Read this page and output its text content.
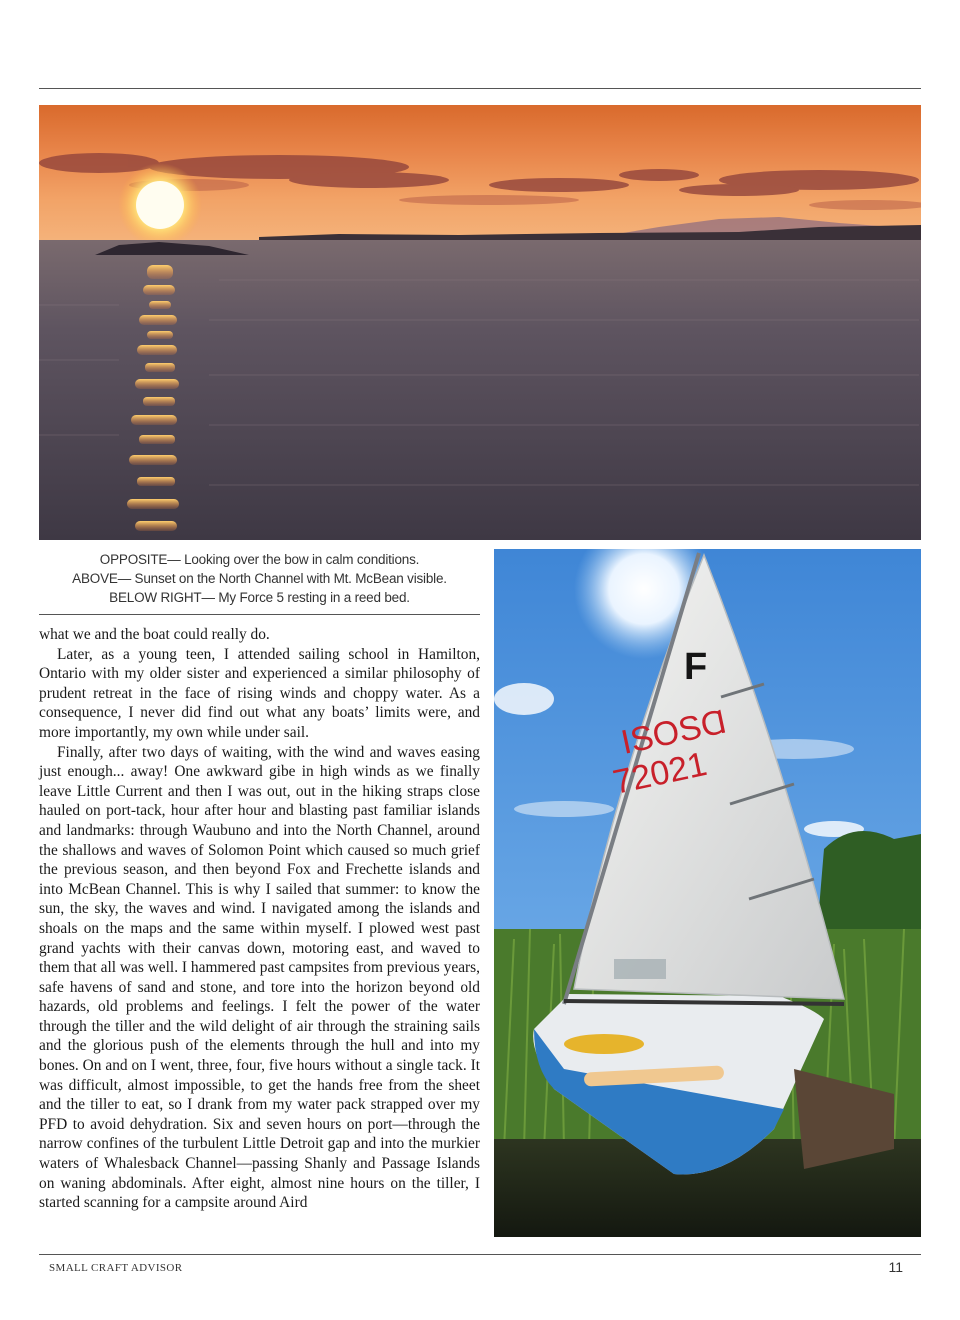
OPPOSITE— Looking over the bow in calm conditions.
ABOVE— Sunset on the North Channel with Mt. McBean visible.
BELOW RIGHT— My Force 5 resting in a reed bed.

what we and the boat could really do.

Later, as a young teen, I attended sailing school in Hamilton, Ontario with my older sister and experienced a similar philosophy of prudent retreat in the face of rising winds and choppy water. As a consequence, I never did find out what any boats’ limits were, and more importantly, my own while under sail.

Finally, after two days of waiting, with the wind and waves easing just enough... away! One awkward gibe in high winds as we finally leave Little Current and then I was out, out in the hiking straps close hauled on port-tack, hour after hour and blasting past familiar islands and landmarks: through Waubuno and into the North Channel, around the shallows and waves of Solomon Point which caused so much grief the previous season, and then beyond Fox and Frechette islands and into McBean Channel. This is why I sailed that summer: to know the sun, the sky, the waves and wind. I navigated among the islands and shoals on the maps and the same within myself. I plowed west past grand yachts with their canvas down, motoring east, and waved to them that all was well. I hammered past campsites from previous years, safe havens of sand and stone, and tore into the horizon beyond old hazards, old problems and feelings. I felt the power of the water through the tiller and the wild delight of air through the straining sails and the glorious push of the elements through the hull and into my bones. On and on I went, three, four, five hours without a single tack. It was difficult, almost impossible, to get the hands free from the sheet and the tiller to eat, so I drank from my water pack strapped over my PFD to avoid dehydration. Six and seven hours on port—through the narrow confines of the turbulent Little Detroit gap and into the murkier waters of Whalesback Channel—passing Shanly and Passage Islands on waning abdominals. After eight, almost nine hours on the tiller, I started scanning for a campsite around Aird

F
ISOSⱭ
72021
SMALL CRAFT ADVISOR	11
